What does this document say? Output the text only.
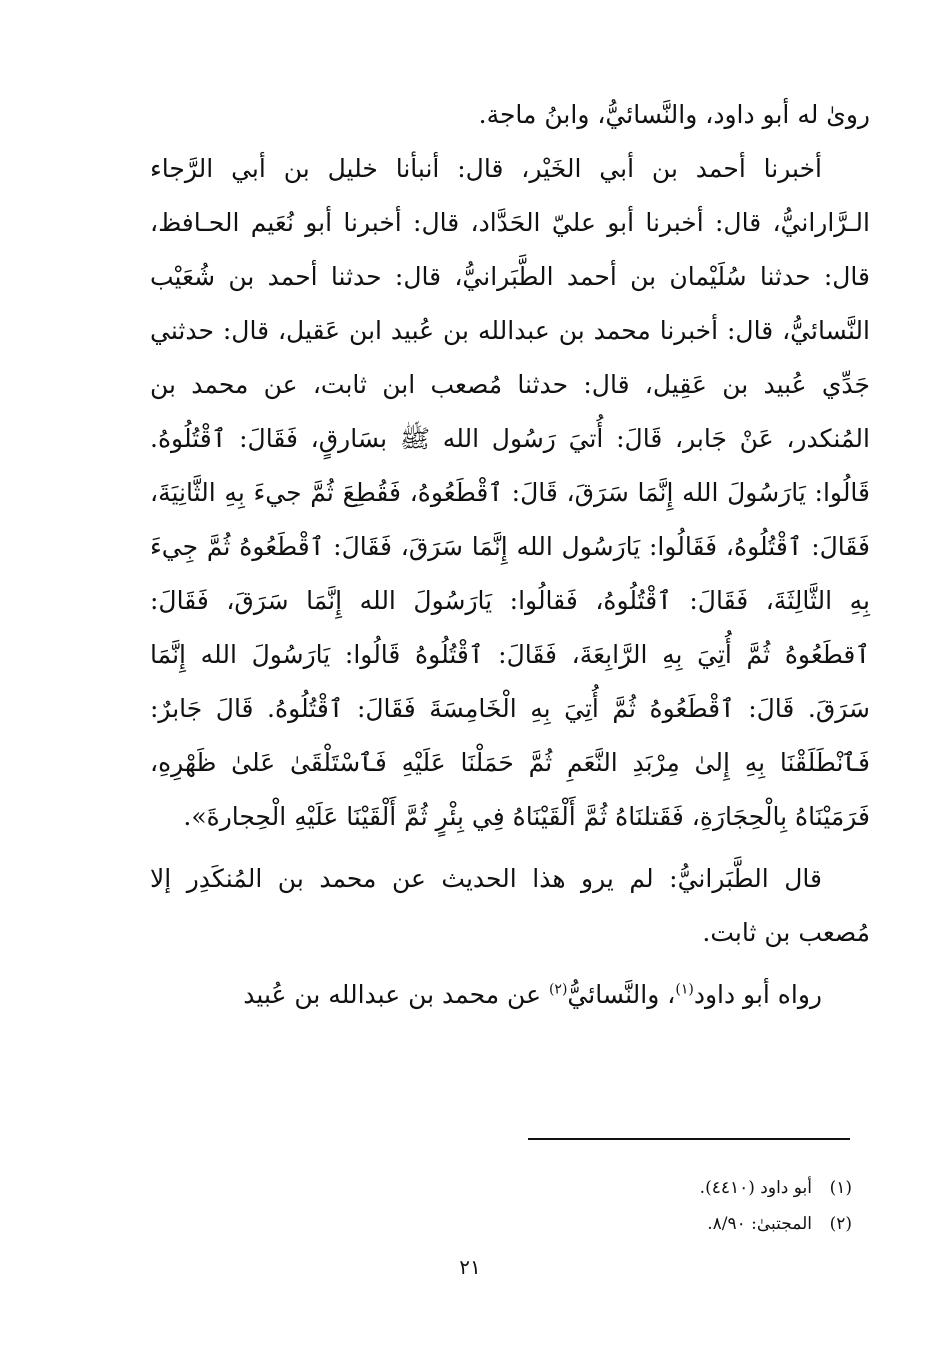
روىٰ له أبو داود، والنَّسائيُّ، وابنُ ماجة.

أخبرنا أحمد بن أبي الخَيْر، قال: أنبأنا خليل بن أبي الرَّجاء الـرَّارانيُّ، قال: أخبرنا أبو عليّ الحَدَّاد، قال: أخبرنا أبو نُعَيم الحـافظ، قال: حدثنا سُلَيْمان بن أحمد الطَّبَرانيُّ، قال: حدثنا أحمد بن شُعَيْب النَّسائيُّ، قال: أخبرنا محمد بن عبدالله بن عُبيد ابن عَقيل، قال: حدثني جَدِّي عُبيد بن عَقِيل، قال: حدثنا مُصعب ابن ثابت، عن محمد بن المُنكدر، عَنْ جَابر، قَالَ: أُتيَ رَسُول الله ﷺ بسَارقٍ، فَقَالَ: ٱقْتُلُوهُ. قَالُوا: يَارَسُولَ الله إِنَّمَا سَرَقَ، قَالَ: ٱقْطَعُوهُ، فَقُطِعَ ثُمَّ جيءَ بِهِ الثَّانِيَةَ، فَقَالَ: ٱقْتُلُوهُ، فَقَالُوا: يَارَسُول الله إِنَّمَا سَرَقَ، فَقَالَ: ٱقْطَعُوهُ ثُمَّ جِيءَ بِهِ الثَّالِثَةَ، فَقَالَ: ٱقْتُلُوهُ، فَقالُوا: يَارَسُولَ الله إِنَّمَا سَرَقَ، فَقَالَ: ٱقطَعُوهُ ثُمَّ أُتِيَ بِهِ الرَّابِعَةَ، فَقَالَ: ٱقْتُلُوهُ قَالُوا: يَارَسُولَ الله إِنَّمَا سَرَقَ. قَالَ: ٱقْطَعُوهُ ثُمَّ أُتِيَ بِهِ الْخَامِسَةَ فَقَالَ: ٱقْتُلُوهُ. قَالَ جَابرٌ: فَٱنْطَلَقْنَا بِهِ إِلىٰ مِرْبَدِ النَّعَمِ ثُمَّ حَمَلْنَا عَلَيْهِ فَٱسْتَلْقَىٰ عَلىٰ ظَهْرِهِ، فَرَمَيْنَاهُ بِالْحِجَارَةِ، فَقَتلنَاهُ ثُمَّ أَلْقَيْنَاهُ فِي بِئْرٍ ثُمَّ أَلْقَيْنَا عَلَيْهِ الْحِجارةَ».

قال الطَّبَرانيُّ: لم يرو هذا الحديث عن محمد بن المُنكَدِر إلا مُصعب بن ثابت.

رواه أبو داود$^{(١)}$، والنَّسائيُّ$^{(٢)}$ عن محمد بن عبدالله بن عُبيد

(١)
أبو داود (٤٤١٠).
(٢)
المجتبىٰ: ٨/٩٠.
٢١
